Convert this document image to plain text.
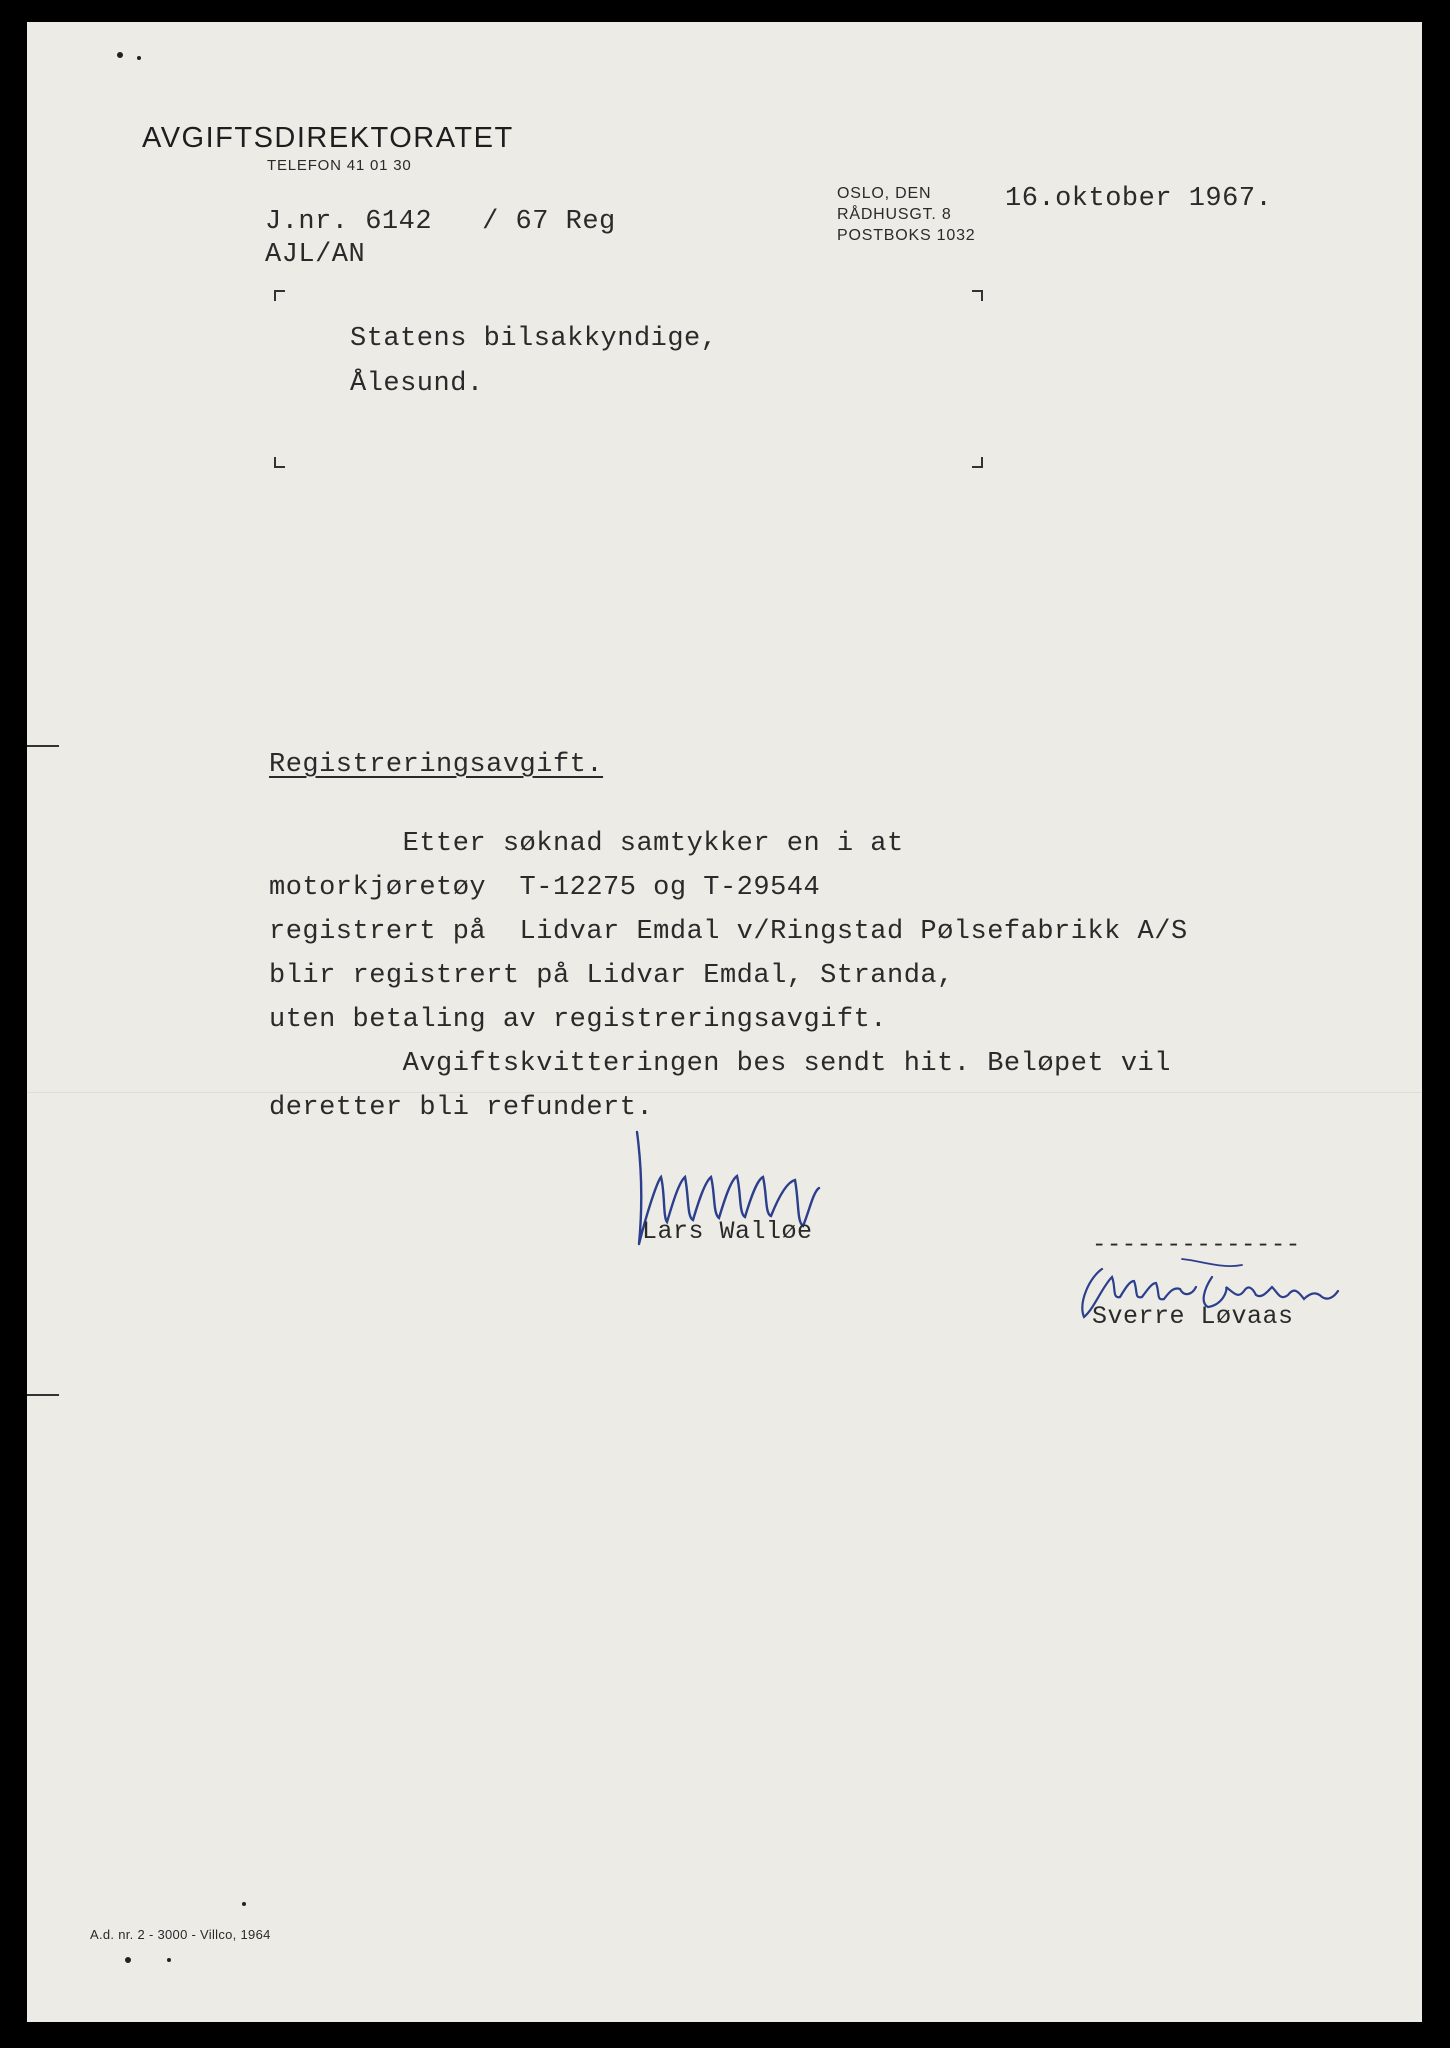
AVGIFTSDIREKTORATET
TELEFON 41 01 30
J.nr. 6142   / 67 Reg
AJL/AN
OSLO, DEN
RÅDHUSGT. 8
POSTBOKS 1032
16.oktober 1967.
Statens bilsakkyndige,
Ålesund.
Registreringsavgift.
Etter søknad samtykker en i at
motorkjøretøy  T-12275 og T-29544
registrert på  Lidvar Emdal v/Ringstad Pølsefabrikk A/S
blir registrert på Lidvar Emdal, Stranda,
uten betaling av registreringsavgift.
Avgiftskvitteringen bes sendt hit. Beløpet vil
deretter bli refundert.
Lars Walløe	--------------
Sverre Løvaas
A.d. nr. 2 - 3000 - Villco, 1964
